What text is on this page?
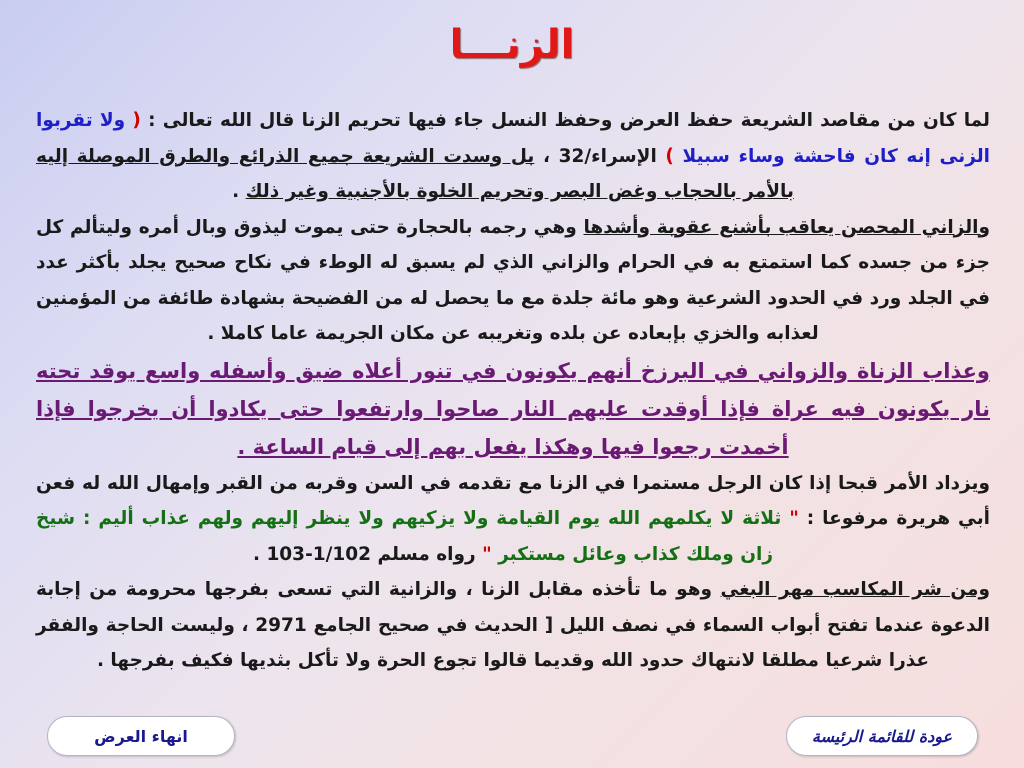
الزنـــا

لما كان من مقاصد الشريعة حفظ العرض وحفظ النسل جاء فيها تحريم الزنا قال الله تعالى : ( ولا تقربوا الزنى إنه كان فاحشة وساء سبيلا ) الإسراء/32 ، بل وسدت الشريعة جميع الذرائع والطرق الموصلة إليه بالأمر بالحجاب وغض البصر وتحريم الخلوة بالأجنبية وغير ذلك .

والزاني المحصن يعاقب بأشنع عقوبة وأشدها وهي رجمه بالحجارة حتى يموت ليذوق وبال أمره وليتألم كل جزء من جسده كما استمتع به في الحرام والزاني الذي لم يسبق له الوطء في نكاح صحيح يجلد بأكثر عدد في الجلد ورد في الحدود الشرعية وهو مائة جلدة مع ما يحصل له من الفضيحة بشهادة طائفة من المؤمنين لعذابه والخزي بإبعاده عن بلده وتغريبه عن مكان الجريمة عاما كاملا .

وعذاب الزناة والزواني في البرزخ أنهم يكونون في تنور أعلاه ضيق وأسفله واسع يوقد تحته نار يكونون فيه عراة فإذا أوقدت عليهم النار صاحوا وارتفعوا حتى يكادوا أن يخرجوا فإذا أخمدت رجعوا فيها وهكذا يفعل بهم إلى قيام الساعة .

ويزداد الأمر قبحا إذا كان الرجل مستمرا في الزنا مع تقدمه في السن وقربه من القبر وإمهال الله له فعن أبي هريرة مرفوعا : " ثلاثة لا يكلمهم الله يوم القيامة ولا يزكيهم ولا ينظر إليهم ولهم عذاب أليم : شيخ زان وملك كذاب وعائل مستكبر " رواه مسلم 1/102-103 .

ومن شر المكاسب مهر البغي وهو ما تأخذه مقابل الزنا ، والزانية التي تسعى بفرجها محرومة من إجابة الدعوة عندما تفتح أبواب السماء في نصف الليل [ الحديث في صحيح الجامع 2971 ، وليست الحاجة والفقر عذرا شرعيا مطلقا لانتهاك حدود الله وقديما قالوا تجوع الحرة ولا تأكل بثديها فكيف بفرجها .

انهاء العرض	عودة للقائمة الرئيسة
